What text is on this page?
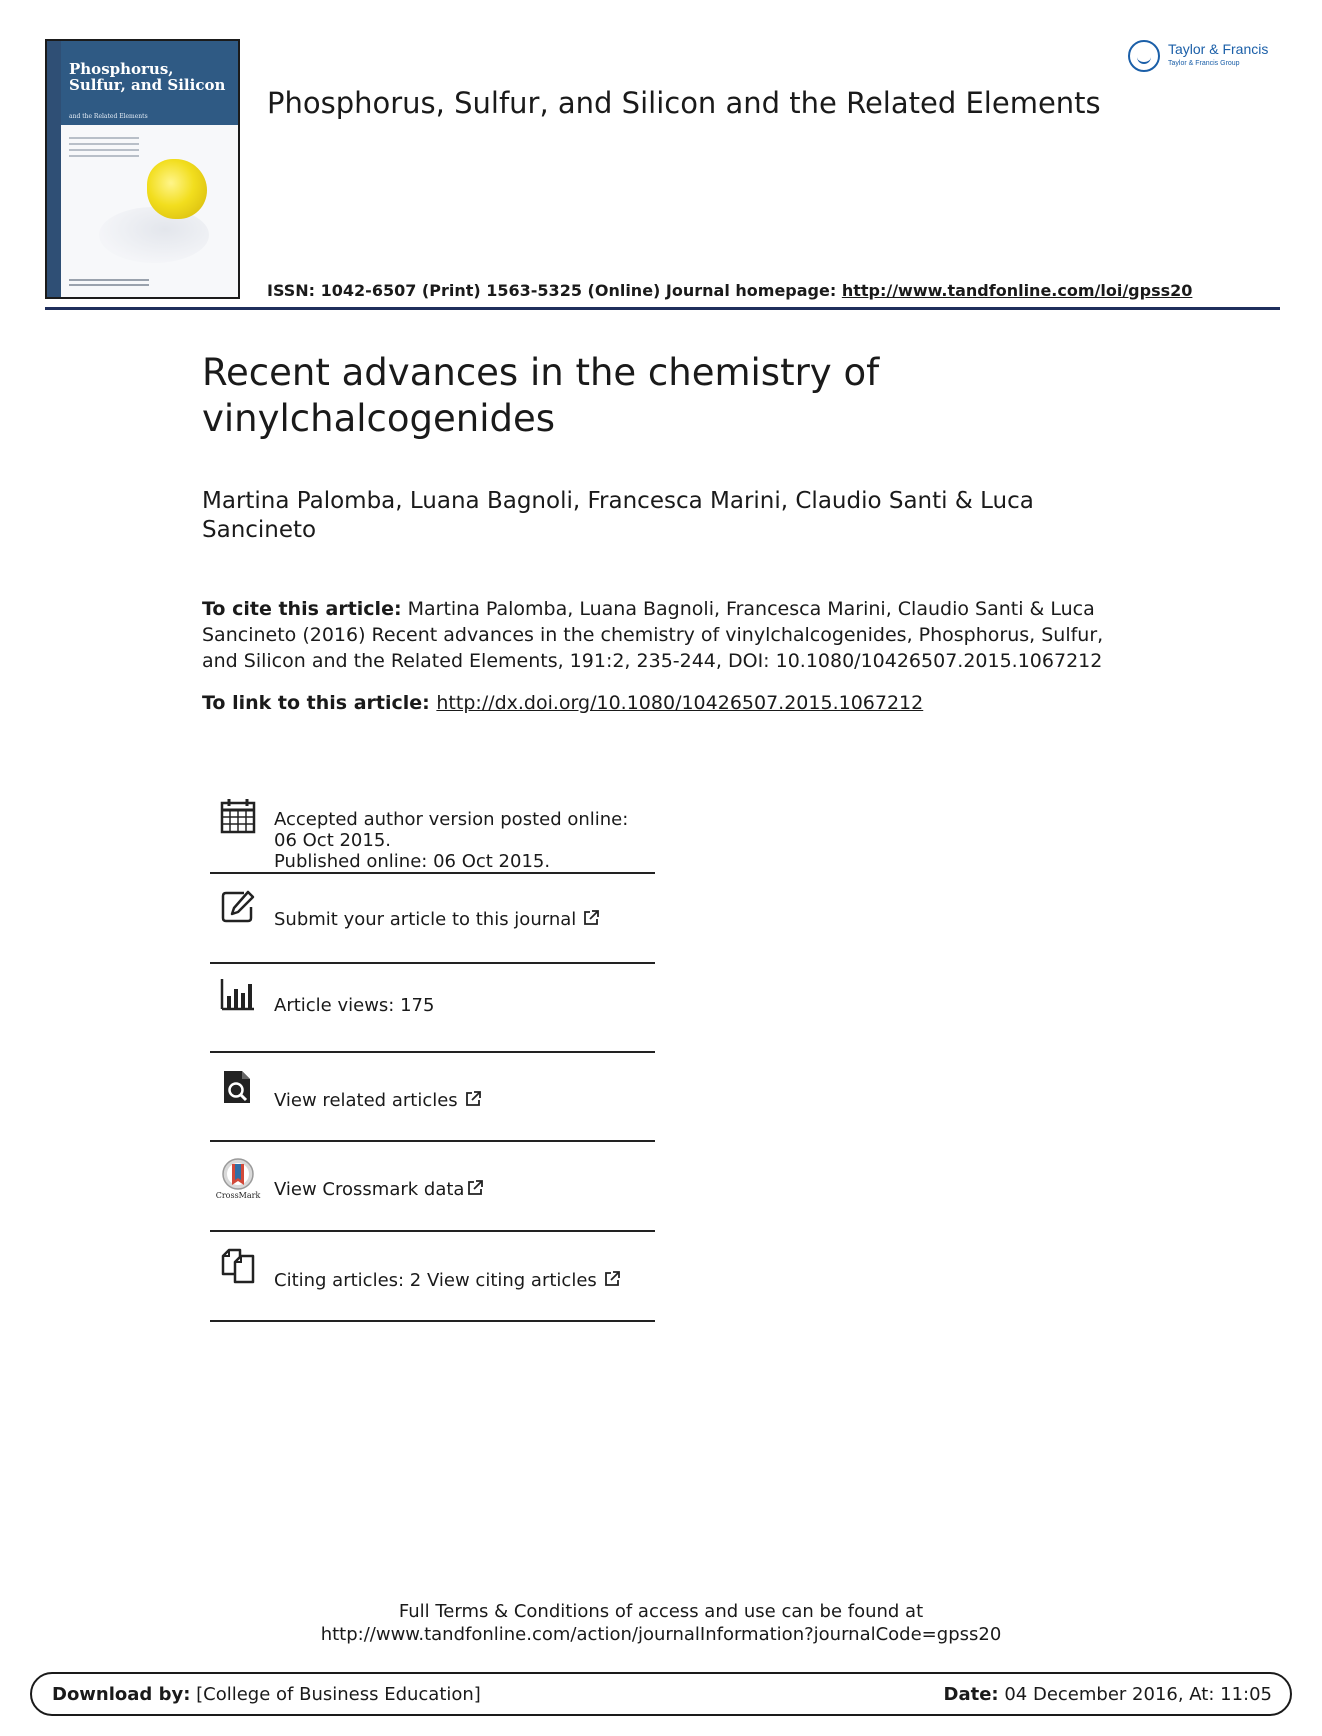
Phosphorus, Sulfur, and Silicon
and the Related Elements	Phosphorus, Sulfur, and Silicon and the Related Elements
Taylor & Francis
Taylor & Francis Group
ISSN: 1042-6507 (Print) 1563-5325 (Online) Journal homepage: http://www.tandfonline.com/loi/gpss20
Recent advances in the chemistry of vinylchalcogenides
Martina Palomba, Luana Bagnoli, Francesca Marini, Claudio Santi & Luca Sancineto
To cite this article: Martina Palomba, Luana Bagnoli, Francesca Marini, Claudio Santi & Luca Sancineto (2016) Recent advances in the chemistry of vinylchalcogenides, Phosphorus, Sulfur, and Silicon and the Related Elements, 191:2, 235-244, DOI: 10.1080/10426507.2015.1067212
To link to this article: http://dx.doi.org/10.1080/10426507.2015.1067212
Accepted author version posted online: 06 Oct 2015.
Published online: 06 Oct 2015.
Submit your article to this journal
Article views: 175
View related articles
CrossMark View Crossmark data
Citing articles: 2 View citing articles
Full Terms & Conditions of access and use can be found at
http://www.tandfonline.com/action/journalInformation?journalCode=gpss20
Download by: [College of Business Education]	Date: 04 December 2016, At: 11:05
